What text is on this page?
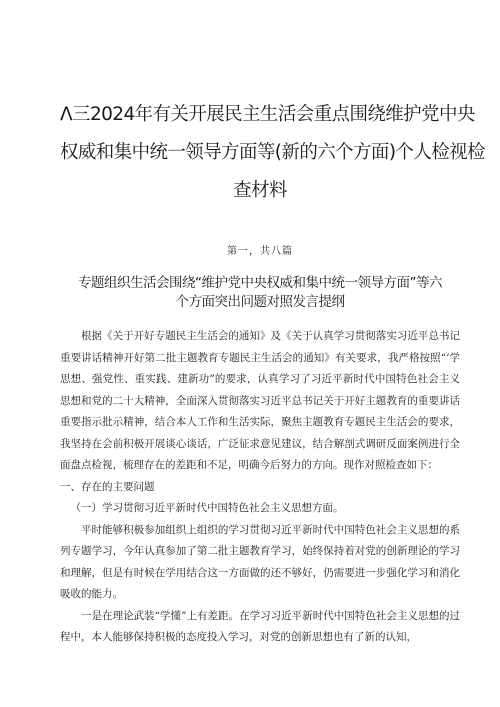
Λ三2024年有关开展民主生活会重点围绕维护党中央
权威和集中统一领导方面等(新的六个方面)个人检视检
查材料
第一，共八篇
专题组织生活会围绕“维护党中央权威和集中统一领导方面”等六
个方面突出问题对照发言提纲

根据《关于开好专题民主生活会的通知》及《关于认真学习贯彻落实习近平总书记重要讲话精神开好第二批主题教育专题民主生活会的通知》有关要求，我严格按照“‘学思想、强党性、重实践、建新功”的要求，认真学习了习近平新时代中国特色社会主义思想和党的二十大精神，全面深入贯彻落实习近平总书记关于开好主题教育的重要讲话重要指示批示精神，结合本人工作和生活实际，聚焦主题教育专题民主生活会的要求，我坚持在会前积极开展谈心谈话，广泛征求意见建议，结合解剖式调研反面案例进行全面盘点检视，梳理存在的差距和不足，明确今后努力的方向。现作对照检查如下：

一、存在的主要问题

（一）学习贯彻习近平新时代中国特色社会主义思想方面。

平时能够积极参加组织上组织的学习贯彻习近平新时代中国特色社会主义思想的系列专题学习，今年认真参加了第二批主题教育学习，始终保持着对党的创新理论的学习和理解，但是有时候在学用结合这一方面做的还不够好，仍需要进一步强化学习和消化吸收的能力。

一是在理论武装“学懂”上有差距。在学习习近平新时代中国特色社会主义思想的过程中，本人能够保持积极的态度投入学习，对党的创新思想也有了新的认知，
